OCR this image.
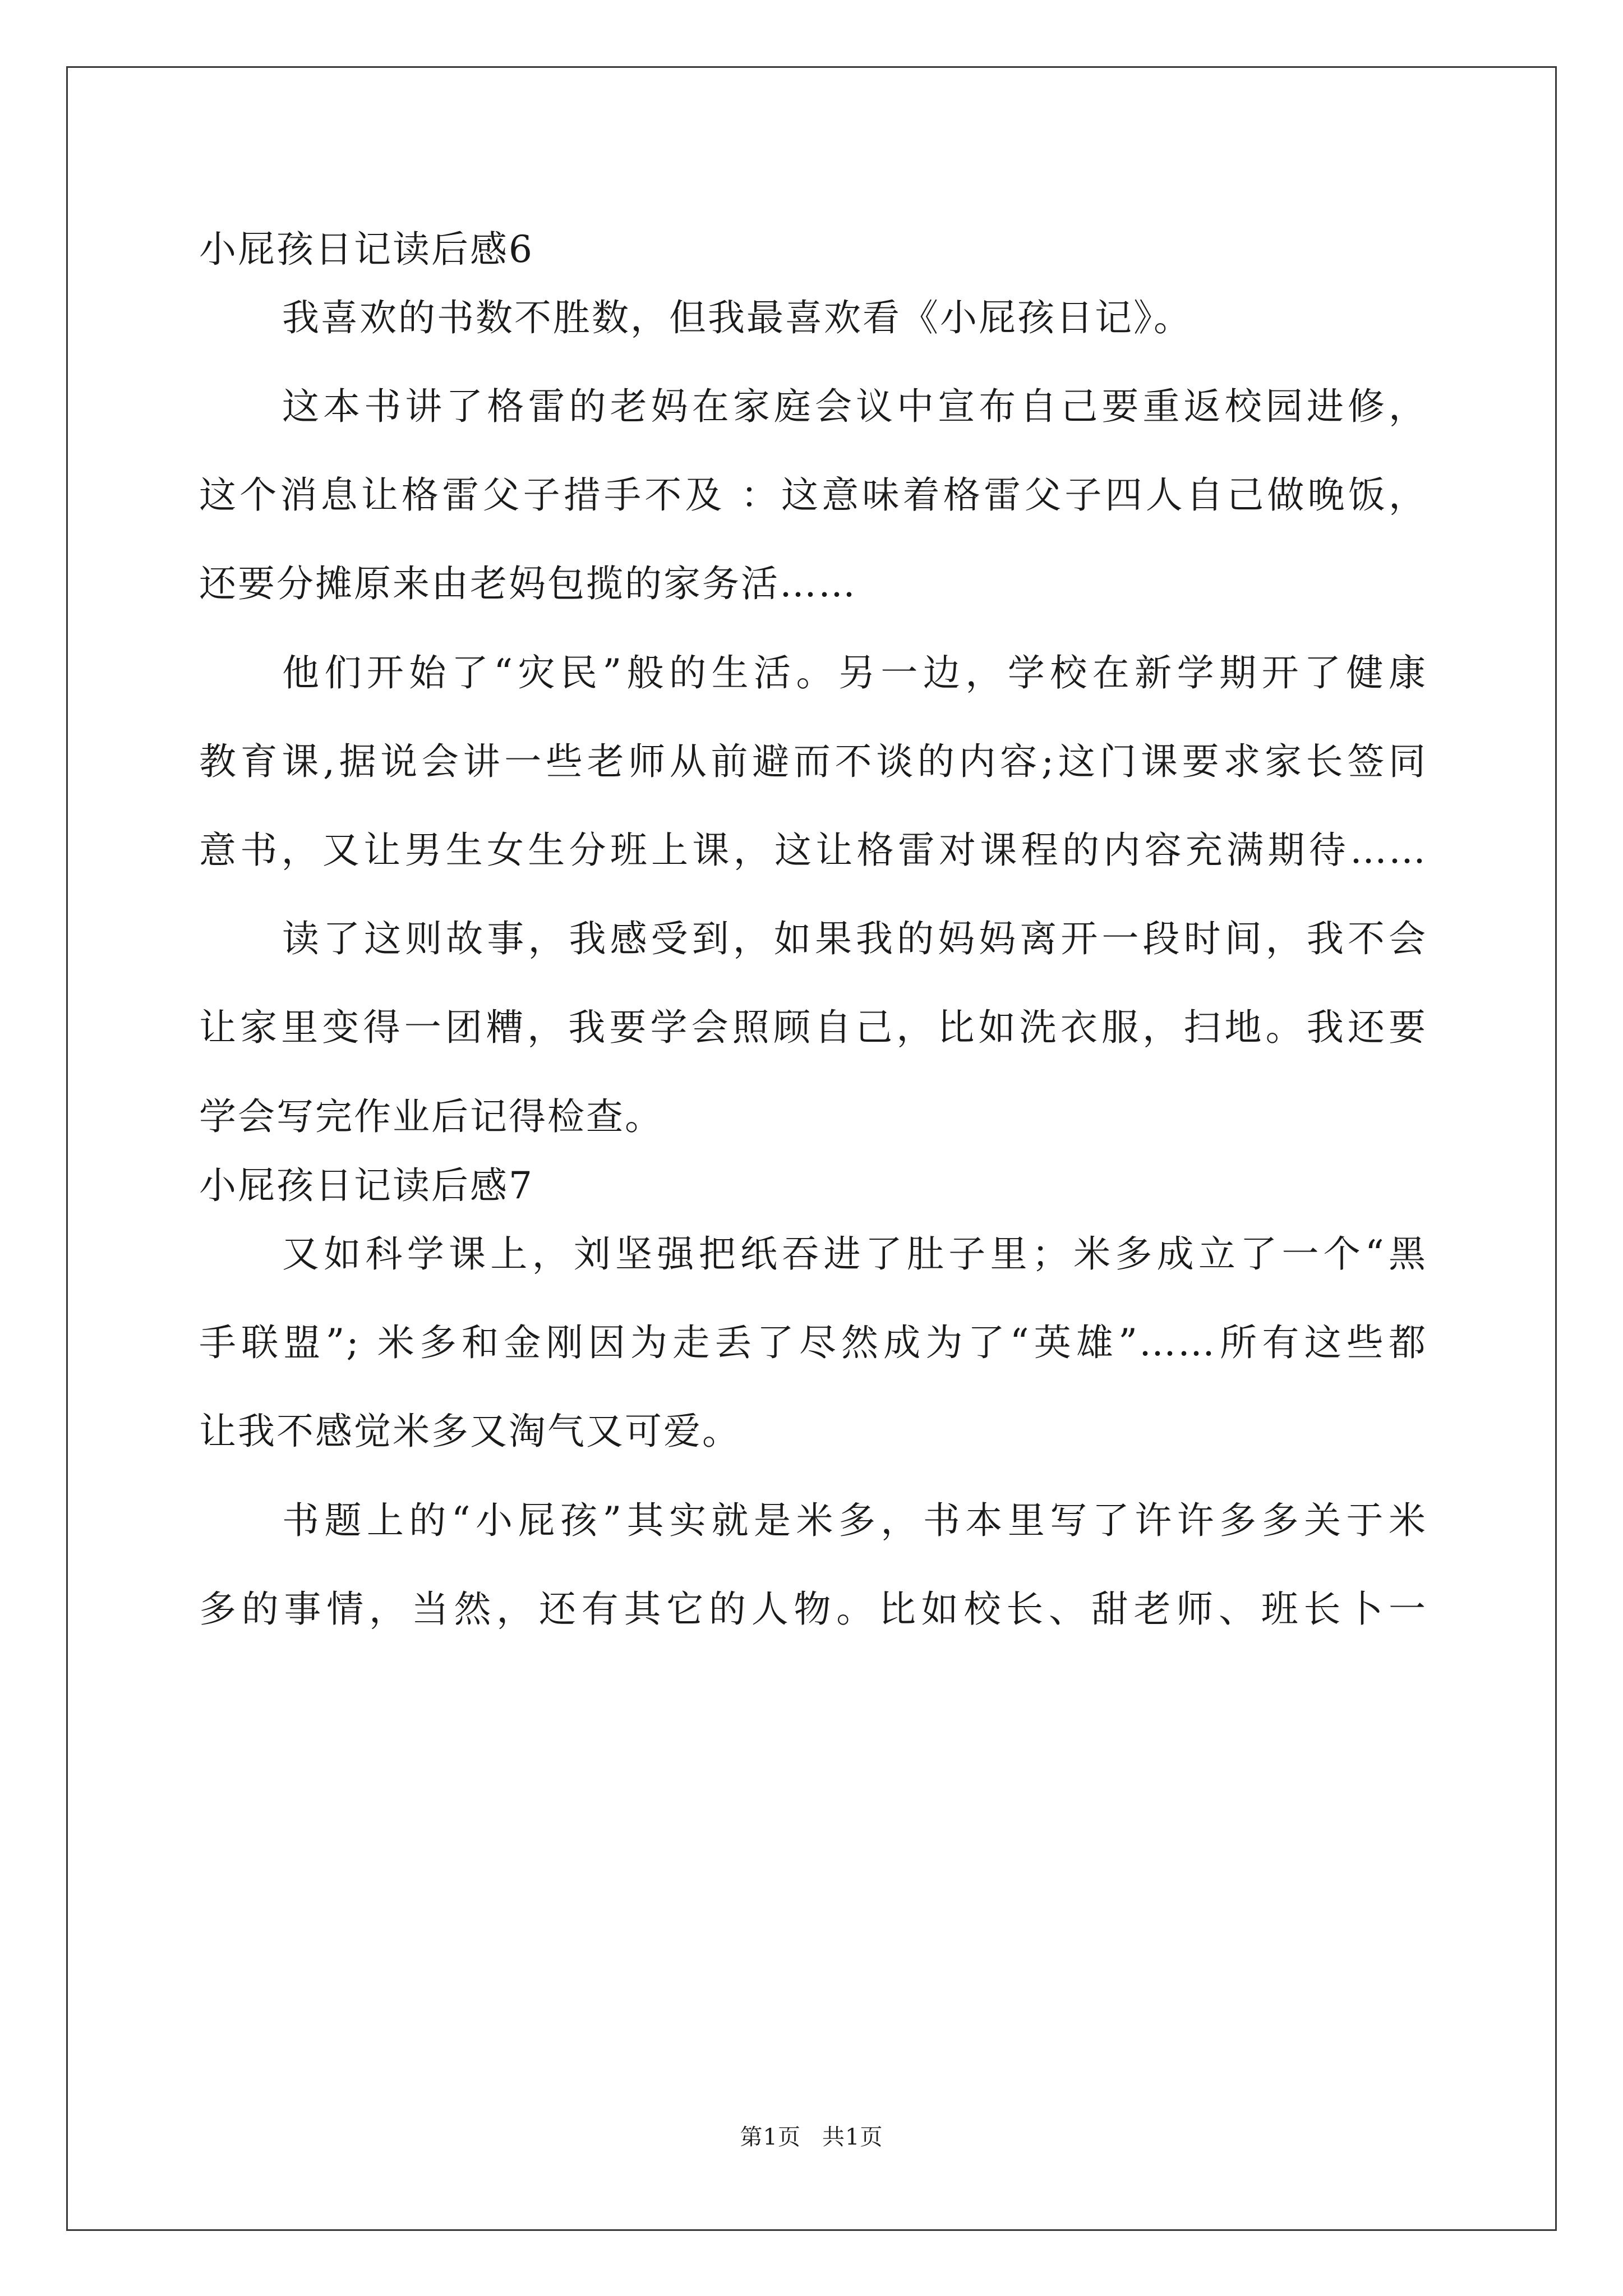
小屁孩日记读后感6
我喜欢的书数不胜数，但我最喜欢看《小屁孩日记》。
这本书讲了格雷的老妈在家庭会议中宣布自己要重返校园进修，
这个消息让格雷父子措手不及 ：这意味着格雷父子四人自己做晚饭，
还要分摊原来由老妈包揽的家务活……
他们开始了“灾民”般的生活。另一边，学校在新学期开了健康
教育课,据说会讲一些老师从前避而不谈的内容;这门课要求家长签同
意书，又让男生女生分班上课，这让格雷对课程的内容充满期待……
读了这则故事，我感受到，如果我的妈妈离开一段时间，我不会
让家里变得一团糟，我要学会照顾自己，比如洗衣服，扫地。我还要
学会写完作业后记得检查。
小屁孩日记读后感7
又如科学课上，刘坚强把纸吞进了肚子里；米多成立了一个“黑
手联盟”; 米多和金刚因为走丢了尽然成为了“英雄”……所有这些都
让我不感觉米多又淘气又可爱。
书题上的“小屁孩”其实就是米多，书本里写了许许多多关于米
多的事情，当然，还有其它的人物。比如校长、甜老师、班长卜一
第1页 共1页
